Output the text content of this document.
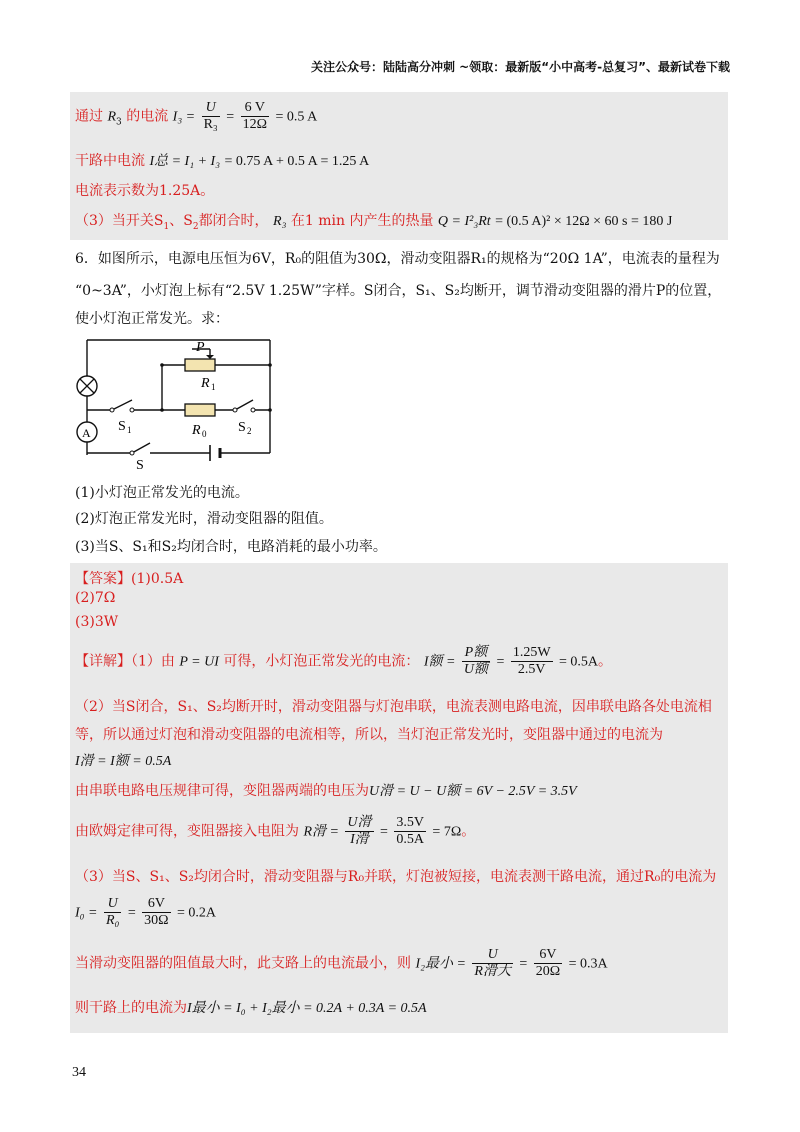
关注公众号：陆陆高分冲刺 ~领取：最新版“小中高考-总复习”、最新试卷下载
通过 $R_3$ 的电流 $I_3 = \frac{U}{\text{R₃}} = \frac{6 V}{12\Omega} = 0.5$ A
干路中电流 I总 = I₁ + I₃ = 0.75 A + 0.5 A = 1.25 A
电流表示数为1.25A。
（3）当开关$S_1$、$S_2$都闭合时， R₃ 在1 min 内产生的热量 Q = I²₃Rt = (0.5 A)² × 12Ω × 60 s = 180 J
6．如图所示，电源电压恒为6V，R₀的阻值为30Ω，滑动变阻器R₁的规格为“20Ω 1A”，电流表的量程为
“0~3A”，小灯泡上标有“2.5V 1.25W”字样。S闭合，S₁、S₂均断开，调节滑动变阻器的滑片P的位置，
使小灯泡正常发光。求：
P
R 1
R 0
S 1	S 2
S
A
(1)小灯泡正常发光的电流。
(2)灯泡正常发光时，滑动变阻器的阻值。
(3)当S、S₁和S₂均闭合时，电路消耗的最小功率。
【答案】(1)0.5A
(2)7Ω
(3)3W
【详解】（1）由 P = UI 可得，小灯泡正常发光的电流： I额 = $\frac{\text{P额}}{\text{U额}} = \frac{1.25W}{2.5V} = 0.5A$。
（2）当S闭合，S₁、S₂均断开时，滑动变阻器与灯泡串联，电流表测电路电流，因串联电路各处电流相
等，所以通过灯泡和滑动变阻器的电流相等，所以，当灯泡正常发光时，变阻器中通过的电流为
I滑 = I额 = 0.5A
由串联电路电压规律可得，变阻器两端的电压为U滑 = U − U额 = 6V − 2.5V = 3.5V
由欧姆定律可得，变阻器接入电阻为 R滑 = $\frac{\text{U滑}}{\text{I滑}} = \frac{3.5V}{0.5A} = 7\Omega$。
（3）当S、S₁、S₂均闭合时，滑动变阻器与R₀并联，灯泡被短接，电流表测干路电流，通过R₀的电流为
$I_0 = \frac{U}{\text{R₀}} = \frac{6V}{30\Omega} = 0.2A$
当滑动变阻器的阻值最大时，此支路上的电流最小，则 I₂最小 = $\frac{U}{\text{R滑大}} = \frac{6V}{20\Omega} = 0.3A$
则干路上的电流为I最小 = I₀ + I₂最小 = 0.2A + 0.3A = 0.5A
34
